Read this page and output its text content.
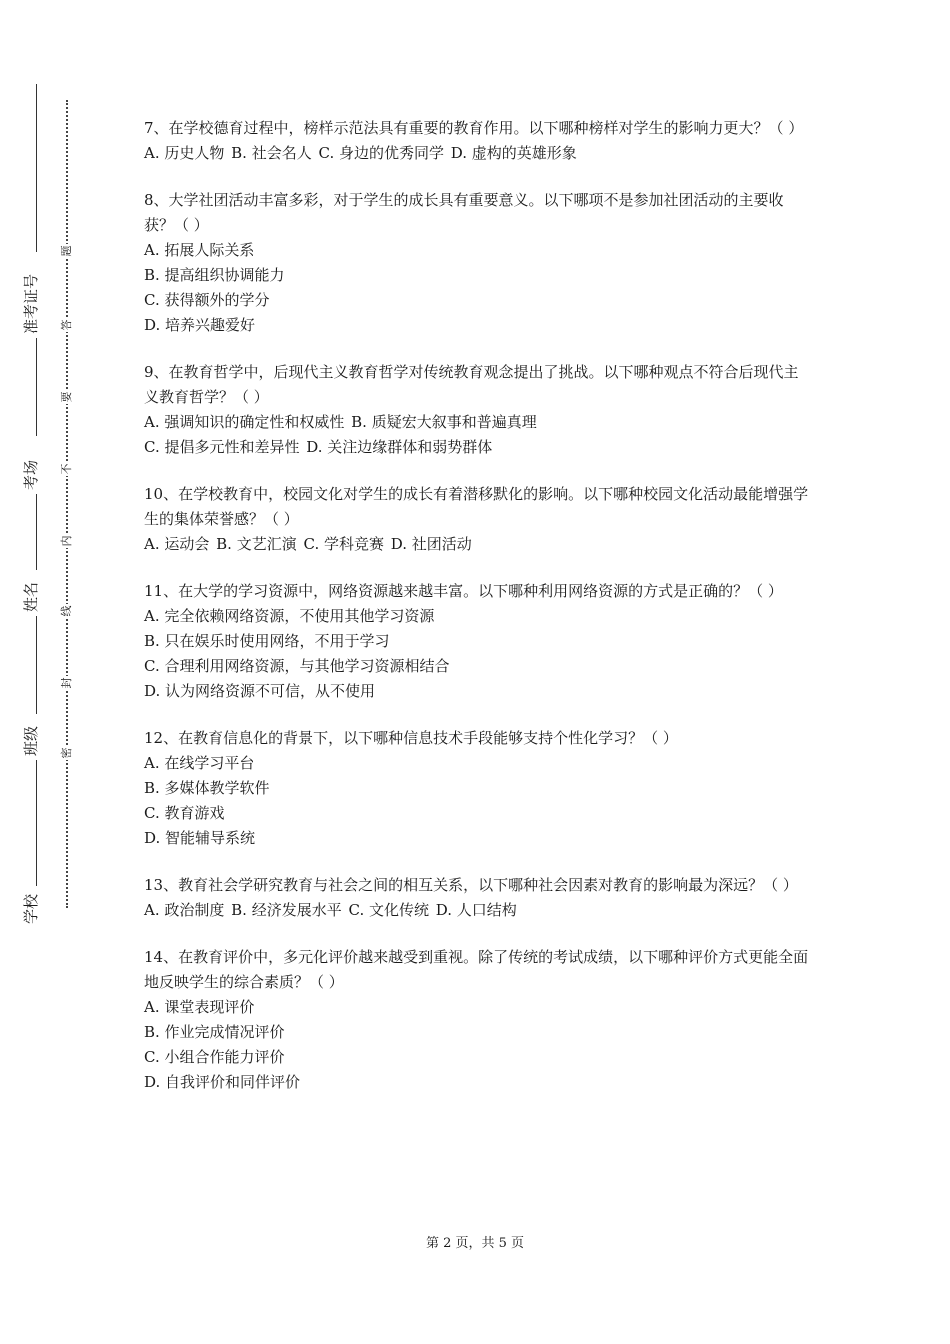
准考证号
考场
姓名
班级
学校
题
答
要
不
内
线
封
密

7、在学校德育过程中，榜样示范法具有重要的教育作用。以下哪种榜样对学生的影响力更大？（ ）

A. 历史人物 B. 社会名人 C. 身边的优秀同学 D. 虚构的英雄形象

8、大学社团活动丰富多彩，对于学生的成长具有重要意义。以下哪项不是参加社团活动的主要收获？（ ）

A. 拓展人际关系

B. 提高组织协调能力

C. 获得额外的学分

D. 培养兴趣爱好

9、在教育哲学中，后现代主义教育哲学对传统教育观念提出了挑战。以下哪种观点不符合后现代主义教育哲学？（ ）

A. 强调知识的确定性和权威性 B. 质疑宏大叙事和普遍真理

C. 提倡多元性和差异性 D. 关注边缘群体和弱势群体

10、在学校教育中，校园文化对学生的成长有着潜移默化的影响。以下哪种校园文化活动最能增强学生的集体荣誉感？（ ）

A. 运动会 B. 文艺汇演 C. 学科竞赛 D. 社团活动

11、在大学的学习资源中，网络资源越来越丰富。以下哪种利用网络资源的方式是正确的？（ ）

A. 完全依赖网络资源，不使用其他学习资源

B. 只在娱乐时使用网络，不用于学习

C. 合理利用网络资源，与其他学习资源相结合

D. 认为网络资源不可信，从不使用

12、在教育信息化的背景下，以下哪种信息技术手段能够支持个性化学习？（ ）

A. 在线学习平台

B. 多媒体教学软件

C. 教育游戏

D. 智能辅导系统

13、教育社会学研究教育与社会之间的相互关系，以下哪种社会因素对教育的影响最为深远？（ ）

A. 政治制度 B. 经济发展水平 C. 文化传统 D. 人口结构

14、在教育评价中，多元化评价越来越受到重视。除了传统的考试成绩，以下哪种评价方式更能全面地反映学生的综合素质？（ ）

A. 课堂表现评价

B. 作业完成情况评价

C. 小组合作能力评价

D. 自我评价和同伴评价

第 2 页，共 5 页
